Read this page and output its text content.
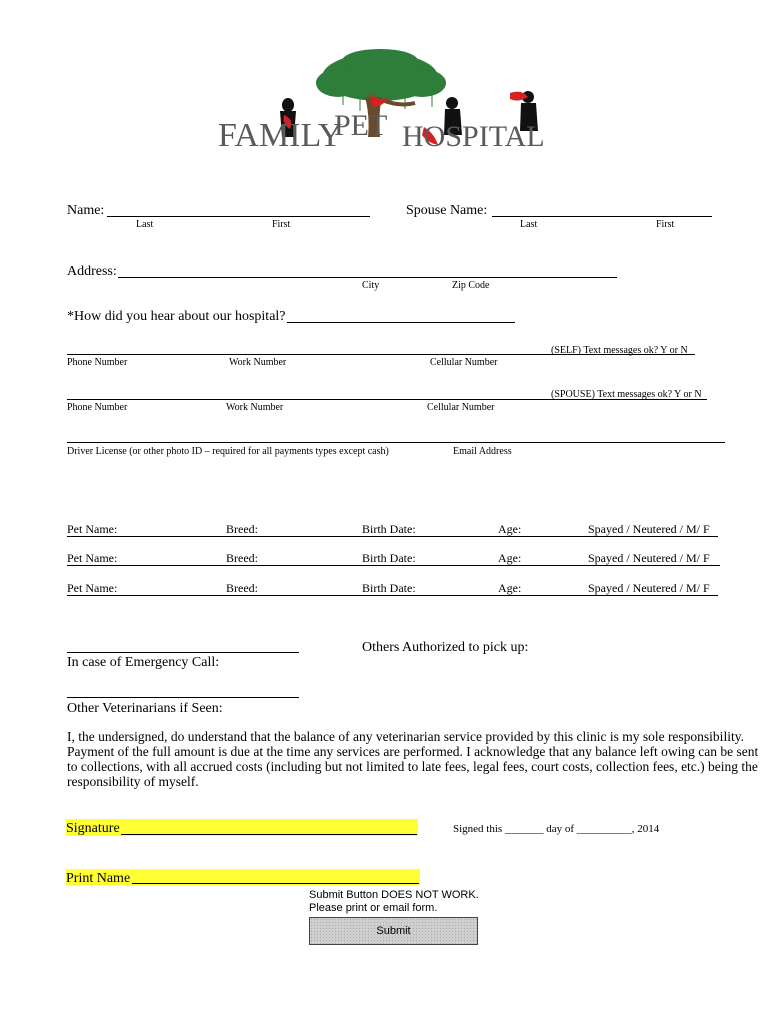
FAMILY
PET HOSPITAL
Name:
Last	First
Spouse Name:
Last	First
Address:
City	Zip Code
*How did you hear about our hospital?
(SELF) Text messages ok? Y or N
Phone Number	Work Number	Cellular Number
(SPOUSE) Text messages ok? Y or N
Phone Number	Work Number	Cellular Number
Driver License (or other photo ID – required for all payments types except cash)	Email Address
Pet Name:	Breed:	Birth Date:	Age:	Spayed / Neutered / M/ F
Pet Name:	Breed:	Birth Date:	Age:	Spayed / Neutered / M/ F
Pet Name:	Breed:	Birth Date:	Age:	Spayed / Neutered / M/ F
Others Authorized to pick up:
In case of Emergency Call:
Other Veterinarians if Seen:
I, the undersigned, do understand that the balance of any veterinarian service provided by this clinic is my sole responsibility.
Payment of the full amount is due at the time any services are performed. I acknowledge that any balance left owing can be sent
to collections, with all accrued costs (including but not limited to late fees, legal fees, court costs, collection fees, etc.) being the
responsibility of myself.
Signature	Signed this _______ day of __________, 2014
Print Name
Submit Button DOES NOT WORK.
Please print or email form.
Submit
